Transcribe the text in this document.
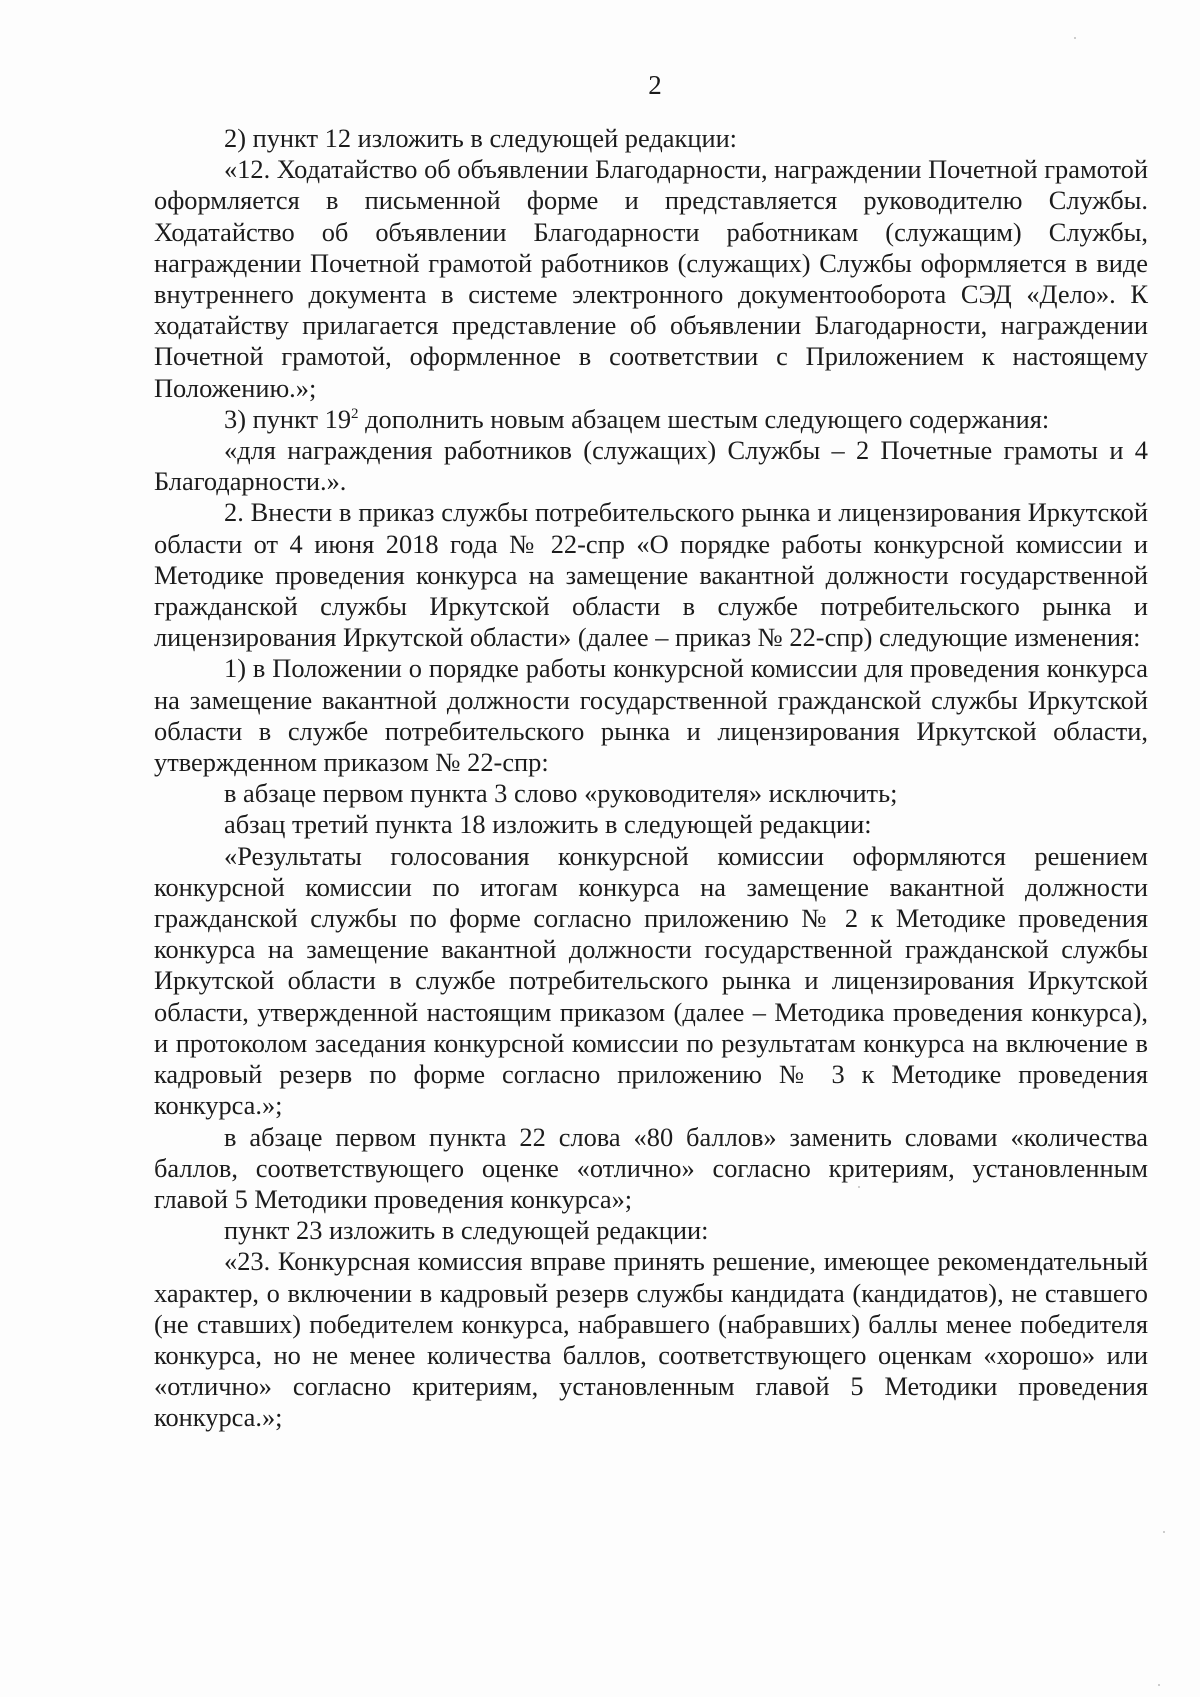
2

2) пункт 12 изложить в следующей редакции:

«12. Ходатайство об объявлении Благодарности, награждении Почетной грамотой оформляется в письменной форме и представляется руководителю Службы. Ходатайство об объявлении Благодарности работникам (служащим) Службы, награждении Почетной грамотой работников (служащих) Службы оформляется в виде внутреннего документа в системе электронного документооборота СЭД «Дело». К ходатайству прилагается представление об объявлении Благодарности, награждении Почетной грамотой, оформленное в соответствии с Приложением к настоящему Положению.»;

3) пункт $19^2$ дополнить новым абзацем шестым следующего содержания:

«для награждения работников (служащих) Службы – 2 Почетные грамоты и 4 Благодарности.».

2. Внести в приказ службы потребительского рынка и лицензирования Иркутской области от 4 июня 2018 года № 22-спр «О порядке работы конкурсной комиссии и Методике проведения конкурса на замещение вакантной должности государственной гражданской службы Иркутской области в службе потребительского рынка и лицензирования Иркутской области» (далее – приказ № 22-спр) следующие изменения:

1) в Положении о порядке работы конкурсной комиссии для проведения конкурса на замещение вакантной должности государственной гражданской службы Иркутской области в службе потребительского рынка и лицензирования Иркутской области, утвержденном приказом № 22-спр:

в абзаце первом пункта 3 слово «руководителя» исключить;

абзац третий пункта 18 изложить в следующей редакции:

«Результаты голосования конкурсной комиссии оформляются решением конкурсной комиссии по итогам конкурса на замещение вакантной должности гражданской службы по форме согласно приложению № 2 к Методике проведения конкурса на замещение вакантной должности государственной гражданской службы Иркутской области в службе потребительского рынка и лицензирования Иркутской области, утвержденной настоящим приказом (далее – Методика проведения конкурса), и протоколом заседания конкурсной комиссии по результатам конкурса на включение в кадровый резерв по форме согласно приложению № 3 к Методике проведения конкурса.»;

в абзаце первом пункта 22 слова «80 баллов» заменить словами «количества баллов, соответствующего оценке «отлично» согласно критериям, установленным главой 5 Методики проведения конкурса»;

пункт 23 изложить в следующей редакции:

«23. Конкурсная комиссия вправе принять решение, имеющее рекомендательный характер, о включении в кадровый резерв службы кандидата (кандидатов), не ставшего (не ставших) победителем конкурса, набравшего (набравших) баллы менее победителя конкурса, но не менее количества баллов, соответствующего оценкам «хорошо» или «отлично» согласно критериям, установленным главой 5 Методики проведения конкурса.»;
